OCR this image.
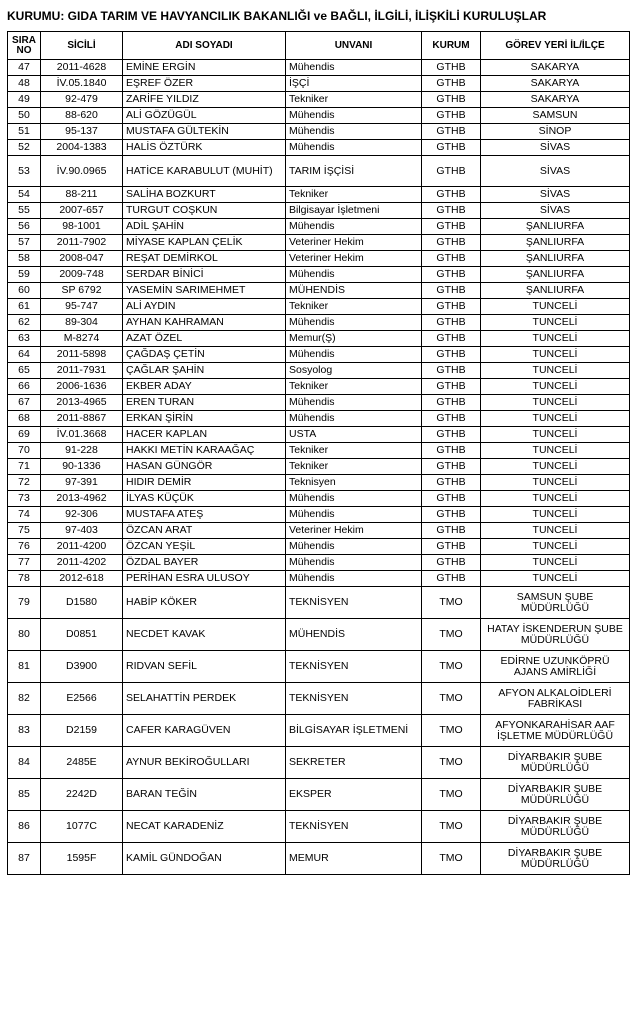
KURUMU: GIDA TARIM VE HAVYANCILIK BAKANLIĞI ve BAĞLI, İLGİLİ, İLİŞKİLİ KURULUŞLAR
SIRA NO	SİCİLİ	ADI SOYADI	UNVANI	KURUM	GÖREV YERİ İL/İLÇE
47	2011-4628	EMİNE ERGİN	Mühendis	GTHB	SAKARYA
48	İV.05.1840	EŞREF ÖZER	İŞÇİ	GTHB	SAKARYA
49	92-479	ZARİFE YILDIZ	Tekniker	GTHB	SAKARYA
50	88-620	ALİ GÖZÜGÜL	Mühendis	GTHB	SAMSUN
51	95-137	MUSTAFA GÜLTEKİN	Mühendis	GTHB	SİNOP
52	2004-1383	HALİS ÖZTÜRK	Mühendis	GTHB	SİVAS
53	İV.90.0965	HATİCE KARABULUT (MUHİT)	TARIM İŞÇİSİ	GTHB	SİVAS
54	88-211	SALİHA BOZKURT	Tekniker	GTHB	SİVAS
55	2007-657	TURGUT COŞKUN	Bilgisayar İşletmeni	GTHB	SİVAS
56	98-1001	ADİL ŞAHİN	Mühendis	GTHB	ŞANLIURFA
57	2011-7902	MİYASE KAPLAN ÇELİK	Veteriner Hekim	GTHB	ŞANLIURFA
58	2008-047	REŞAT DEMİRKOL	Veteriner Hekim	GTHB	ŞANLIURFA
59	2009-748	SERDAR BİNİCİ	Mühendis	GTHB	ŞANLIURFA
60	SP 6792	YASEMİN SARIMEHMET	MÜHENDİS	GTHB	ŞANLIURFA
61	95-747	ALİ AYDIN	Tekniker	GTHB	TUNCELİ
62	89-304	AYHAN KAHRAMAN	Mühendis	GTHB	TUNCELİ
63	M-8274	AZAT ÖZEL	Memur(Ş)	GTHB	TUNCELİ
64	2011-5898	ÇAĞDAŞ ÇETİN	Mühendis	GTHB	TUNCELİ
65	2011-7931	ÇAĞLAR ŞAHİN	Sosyolog	GTHB	TUNCELİ
66	2006-1636	EKBER ADAY	Tekniker	GTHB	TUNCELİ
67	2013-4965	EREN TURAN	Mühendis	GTHB	TUNCELİ
68	2011-8867	ERKAN ŞİRİN	Mühendis	GTHB	TUNCELİ
69	İV.01.3668	HACER KAPLAN	USTA	GTHB	TUNCELİ
70	91-228	HAKKI METİN KARAAĞAÇ	Tekniker	GTHB	TUNCELİ
71	90-1336	HASAN GÜNGÖR	Tekniker	GTHB	TUNCELİ
72	97-391	HIDIR DEMİR	Teknisyen	GTHB	TUNCELİ
73	2013-4962	İLYAS KÜÇÜK	Mühendis	GTHB	TUNCELİ
74	92-306	MUSTAFA ATEŞ	Mühendis	GTHB	TUNCELİ
75	97-403	ÖZCAN ARAT	Veteriner Hekim	GTHB	TUNCELİ
76	2011-4200	ÖZCAN YEŞİL	Mühendis	GTHB	TUNCELİ
77	2011-4202	ÖZDAL BAYER	Mühendis	GTHB	TUNCELİ
78	2012-618	PERİHAN ESRA ULUSOY	Mühendis	GTHB	TUNCELİ
79	D1580	HABİP KÖKER	TEKNİSYEN	TMO	SAMSUN ŞUBE MÜDÜRLÜĞÜ
80	D0851	NECDET KAVAK	MÜHENDİS	TMO	HATAY İSKENDERUN ŞUBE MÜDÜRLÜĞÜ
81	D3900	RIDVAN SEFİL	TEKNİSYEN	TMO	EDİRNE UZUNKÖPRÜ AJANS AMİRLİĞİ
82	E2566	SELAHATTİN PERDEK	TEKNİSYEN	TMO	AFYON ALKALOİDLERİ FABRİKASI
83	D2159	CAFER KARAGÜVEN	BİLGİSAYAR İŞLETMENİ	TMO	AFYONKARAHİSAR AAF İŞLETME MÜDÜRLÜĞÜ
84	2485E	AYNUR BEKİROĞULLARI	SEKRETER	TMO	DİYARBAKIR ŞUBE MÜDÜRLÜĞÜ
85	2242D	BARAN TEĞİN	EKSPER	TMO	DİYARBAKIR ŞUBE MÜDÜRLÜĞÜ
86	1077C	NECAT KARADENİZ	TEKNİSYEN	TMO	DİYARBAKIR ŞUBE MÜDÜRLÜĞÜ
87	1595F	KAMİL GÜNDOĞAN	MEMUR	TMO	DİYARBAKIR ŞUBE MÜDÜRLÜĞÜ
